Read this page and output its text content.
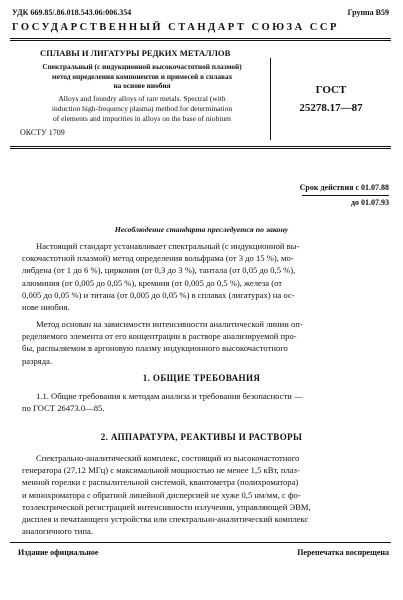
УДК 669.85/.86.018.543.06:006.354	Группа В59
ГОСУДАРСТВЕННЫЙ СТАНДАРТ СОЮЗА ССР
СПЛАВЫ И ЛИГАТУРЫ РЕДКИХ МЕТАЛЛОВ
Спектральный (с индукционной высокочастотной плазмой)
метод определения компонентов и примесей в сплавах
на основе ниобия
Alloys and foundry alloys of rare metals. Spectral (with
induction high-frequency plasma) method for determination
of elements and impurities in alloys on the base of niobium
ОКСТУ 1709
ГОСТ
25278.17—87
Срок действия с 01.07.88
до 01.07.93
Несоблюдение стандарта преследуется по закону
Настоящий стандарт устанавливает спектральный (с индукционной вы-
сокочастотной плазмой) метод определения вольфрама (от 3 до 15 %), мо-
либдена (от 1 до 6 %), циркония (от 0,3 до 3 %), тантала (от 0,05 до 0,5 %),
алюминия (от 0,005 до 0,05 %), кремния (от 0,005 до 0,5 %), железа (от
0,005 до 0,05 %) и титана (от 0,005 до 0,05 %) в сплавах (лигатурах) на ос-
нове ниобия.
Метод основан на зависимости интенсивности аналитической линии оп-
ределяемого элемента от его концентрации в растворе анализируемой про-
бы, распыляемом в аргоновую плазму индукционного высокочастотного
разряда.
1. ОБЩИЕ ТРЕБОВАНИЯ
1.1. Общие требования к методам анализа и требования безопасности —
по ГОСТ 26473.0—85.
2. АППАРАТУРА, РЕАКТИВЫ И РАСТВОРЫ
Спектрально-аналитический комплекс, состоящий из высокочастотного
генератора (27,12 МГц) с максимальной мощностью не менее 1,5 кВт, плаз-
менной горелки с распылительной системой, квантометра (полихроматора)
и монохроматора с обратной линейной дисперсией не хуже 0,5 нм/мм, с фо-
тоэлектрической регистрацией интенсивности излучения, управляющей ЭВМ,
дисплея и печатающего устройства или спектрально-аналитический комплекс
аналогичного типа.
Издание официальное	Перепечатка воспрещена
